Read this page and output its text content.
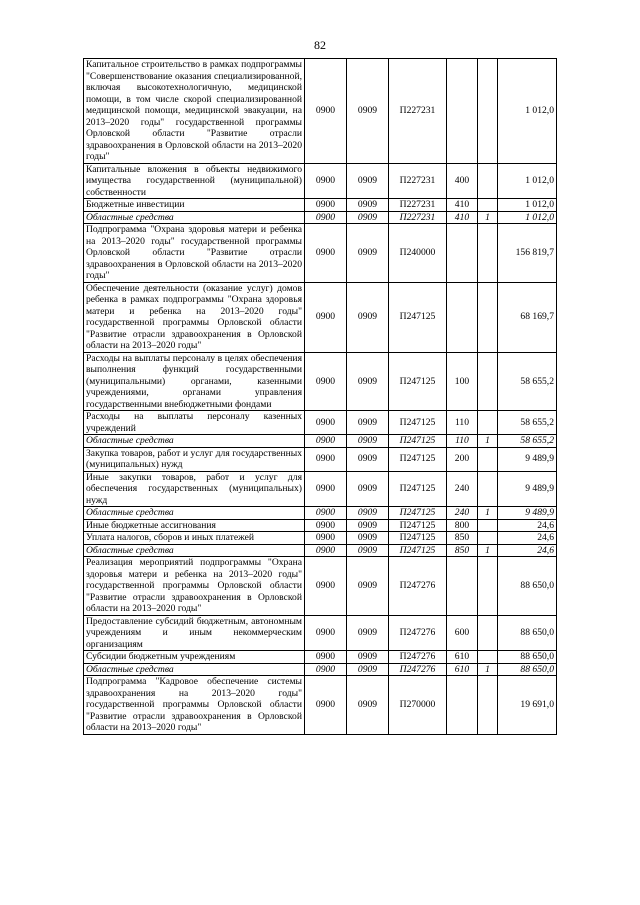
82
Капитальное строительство в рамках подпрограммы "Совершенствование оказания специализированной, включая высокотехнологичную, медицинской помощи, в том числе скорой специализированной медицинской помощи, медицинской эвакуации, на 2013–2020 годы" государственной программы Орловской области "Развитие отрасли здравоохранения в Орловской области на 2013–2020 годы"	0900	0909	П227231			1 012,0
Капитальные вложения в объекты недвижимого имущества государственной (муниципальной) собственности	0900	0909	П227231	400		1 012,0
Бюджетные инвестиции	0900	0909	П227231	410		1 012,0
Областные средства	0900	0909	П227231	410	1	1 012,0
Подпрограмма "Охрана здоровья матери и ребенка на 2013–2020 годы" государственной программы Орловской области "Развитие отрасли здравоохранения в Орловской области на 2013–2020 годы"	0900	0909	П240000			156 819,7
Обеспечение деятельности (оказание услуг) домов ребенка в рамках подпрограммы "Охрана здоровья матери и ребенка на 2013–2020 годы" государственной программы Орловской области "Развитие отрасли здравоохранения в Орловской области на 2013–2020 годы"	0900	0909	П247125			68 169,7
Расходы на выплаты персоналу в целях обеспечения выполнения функций государственными (муниципальными) органами, казенными учреждениями, органами управления государственными внебюджетными фондами	0900	0909	П247125	100		58 655,2
Расходы на выплаты персоналу казенных учреждений	0900	0909	П247125	110		58 655,2
Областные средства	0900	0909	П247125	110	1	58 655,2
Закупка товаров, работ и услуг для государственных (муниципальных) нужд	0900	0909	П247125	200		9 489,9
Иные закупки товаров, работ и услуг для обеспечения государственных (муниципальных) нужд	0900	0909	П247125	240		9 489,9
Областные средства	0900	0909	П247125	240	1	9 489,9
Иные бюджетные ассигнования	0900	0909	П247125	800		24,6
Уплата налогов, сборов и иных платежей	0900	0909	П247125	850		24,6
Областные средства	0900	0909	П247125	850	1	24,6
Реализация мероприятий подпрограммы "Охрана здоровья матери и ребенка на 2013–2020 годы" государственной программы Орловской области "Развитие отрасли здравоохранения в Орловской области на 2013–2020 годы"	0900	0909	П247276			88 650,0
Предоставление субсидий бюджетным, автономным учреждениям и иным некоммерческим организациям	0900	0909	П247276	600		88 650,0
Субсидии бюджетным учреждениям	0900	0909	П247276	610		88 650,0
Областные средства	0900	0909	П247276	610	1	88 650,0
Подпрограмма "Кадровое обеспечение системы здравоохранения на 2013–2020 годы" государственной программы Орловской области "Развитие отрасли здравоохранения в Орловской области на 2013–2020 годы"	0900	0909	П270000			19 691,0
